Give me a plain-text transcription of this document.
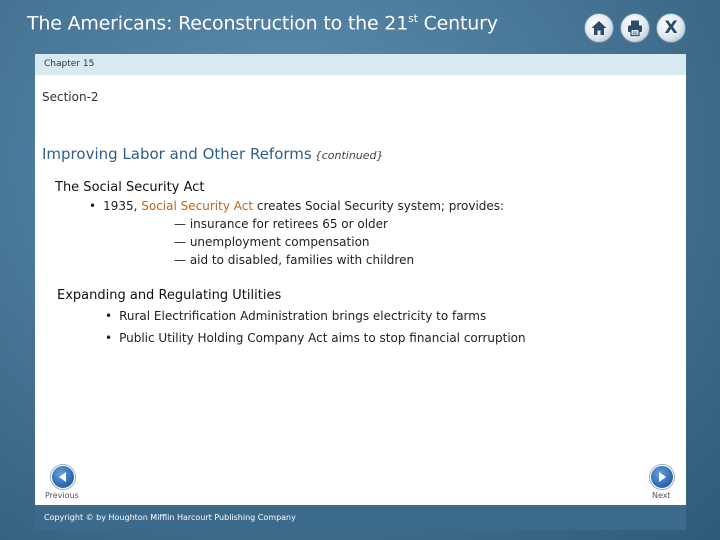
The Americans: Reconstruction to the 21st Century	X
Chapter 15
Section-2
Improving Labor and Other Reforms {continued}
The Social Security Act
• 1935, Social Security Act creates Social Security system; provides:
— insurance for retirees 65 or older
— unemployment compensation
— aid to disabled, families with children
Expanding and Regulating Utilities
• Rural Electrification Administration brings electricity to farms
• Public Utility Holding Company Act aims to stop financial corruption
Previous	Next
Copyright © by Houghton Mifflin Harcourt Publishing Company
